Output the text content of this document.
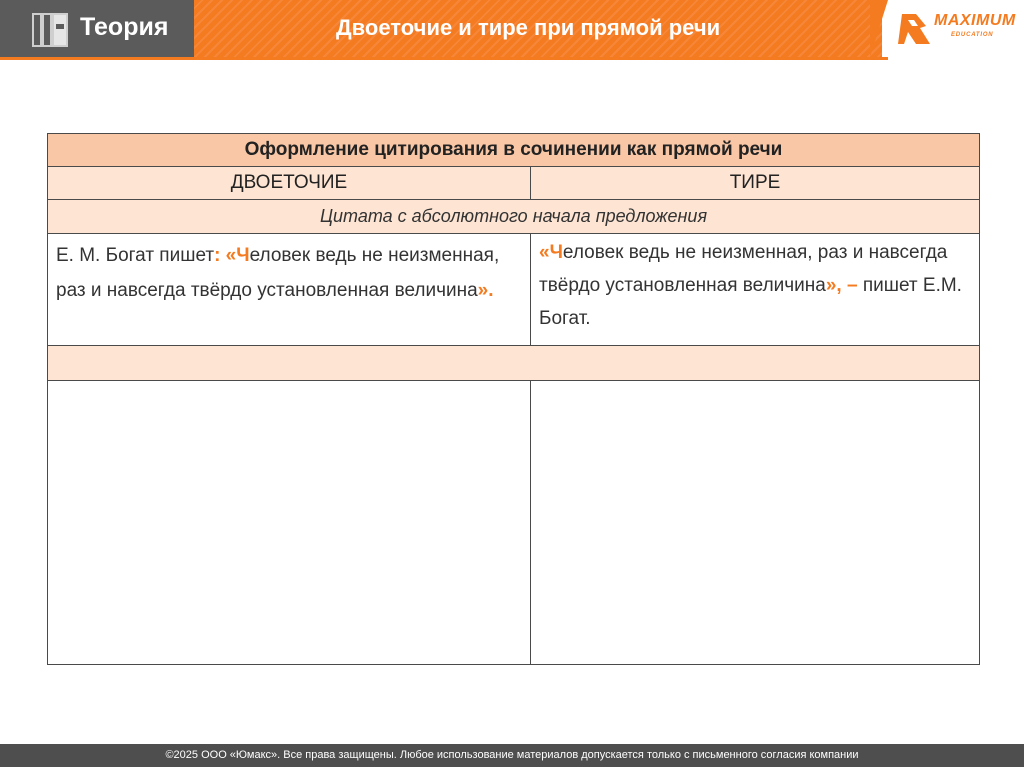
Теория	Двоеточие и тире при прямой речи	MAXIMUM
EDUCATION
Оформление цитирования в сочинении как прямой речи	
ДВОЕТОЧИЕ	ТИРЕ
Цитата с абсолютного начала предложения	

Е. М. Богат пишет: «Человек ведь не неизменная, раз и навсегда твёрдо установленная величина».	«Человек ведь не неизменная, раз и навсегда твёрдо установленная величина», – пишет Е.М. Богат.

©2025 ООО «Юмакс». Все права защищены. Любое использование материалов допускается только с письменного согласия компании
